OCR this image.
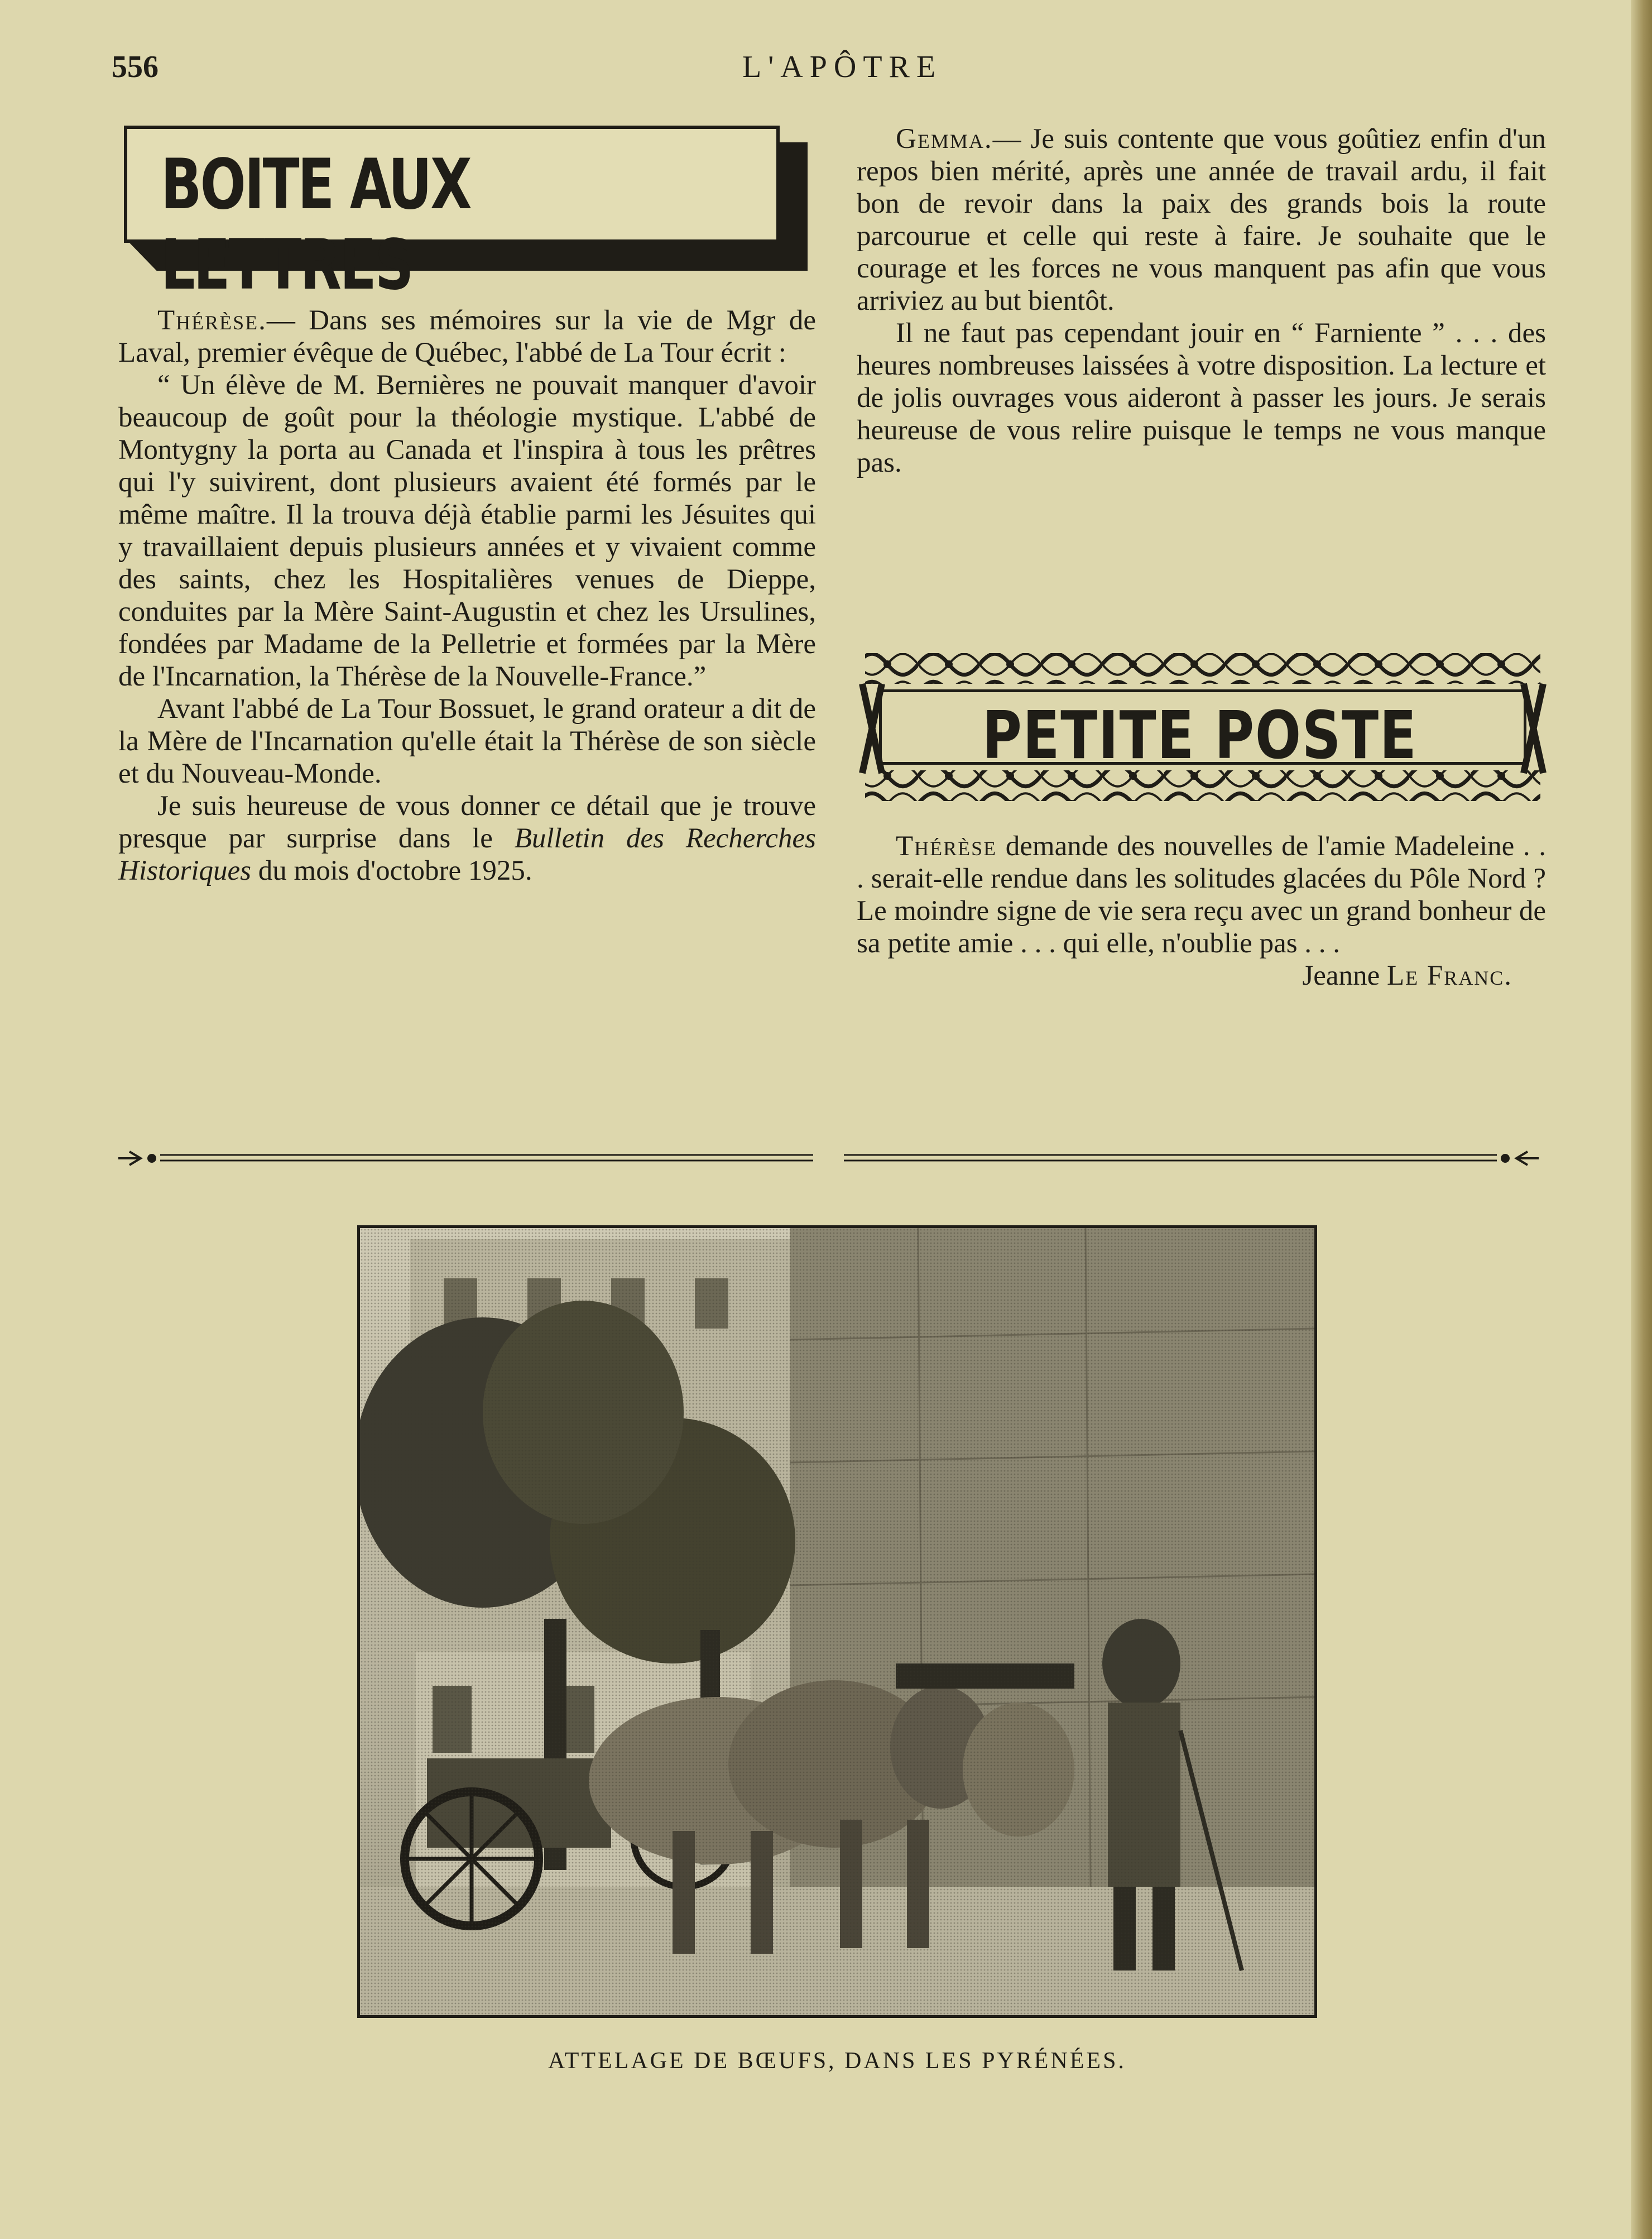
556	L'APÔTRE
BOITE AUX LETTRES

Thérèse.— Dans ses mémoires sur la vie de Mgr de Laval, premier évêque de Québec, l'abbé de La Tour écrit :

“ Un élève de M. Bernières ne pouvait manquer d'avoir beaucoup de goût pour la théologie mystique. L'abbé de Montygny la porta au Canada et l'inspira à tous les prêtres qui l'y suivirent, dont plusieurs avaient été formés par le même maître. Il la trouva déjà établie parmi les Jésuites qui y travaillaient depuis plusieurs années et y vivaient comme des saints, chez les Hospitalières venues de Dieppe, conduites par la Mère Saint-Augustin et chez les Ursulines, fondées par Madame de la Pelletrie et formées par la Mère de l'Incarnation, la Thérèse de la Nouvelle-France.”

Avant l'abbé de La Tour Bossuet, le grand orateur a dit de la Mère de l'Incarnation qu'elle était la Thérèse de son siècle et du Nouveau-Monde.

Je suis heureuse de vous donner ce détail que je trouve presque par surprise dans le Bulletin des Recherches Historiques du mois d'octobre 1925.

Gemma.— Je suis contente que vous goûtiez enfin d'un repos bien mérité, après une année de travail ardu, il fait bon de revoir dans la paix des grands bois la route parcourue et celle qui reste à faire. Je souhaite que le courage et les forces ne vous manquent pas afin que vous arriviez au but bientôt.

Il ne faut pas cependant jouir en “ Farniente ” . . . des heures nombreuses laissées à votre disposition. La lecture et de jolis ouvrages vous aideront à passer les jours. Je serais heureuse de vous relire puisque le temps ne vous manque pas.

PETITE POSTE

Thérèse demande des nouvelles de l'amie Madeleine . . . serait-elle rendue dans les solitudes glacées du Pôle Nord ? Le moindre signe de vie sera reçu avec un grand bonheur de sa petite amie . . . qui elle, n'oublie pas . . .

Jeanne Le Franc.

ATTELAGE DE BŒUFS, DANS LES PYRÉNÉES.
